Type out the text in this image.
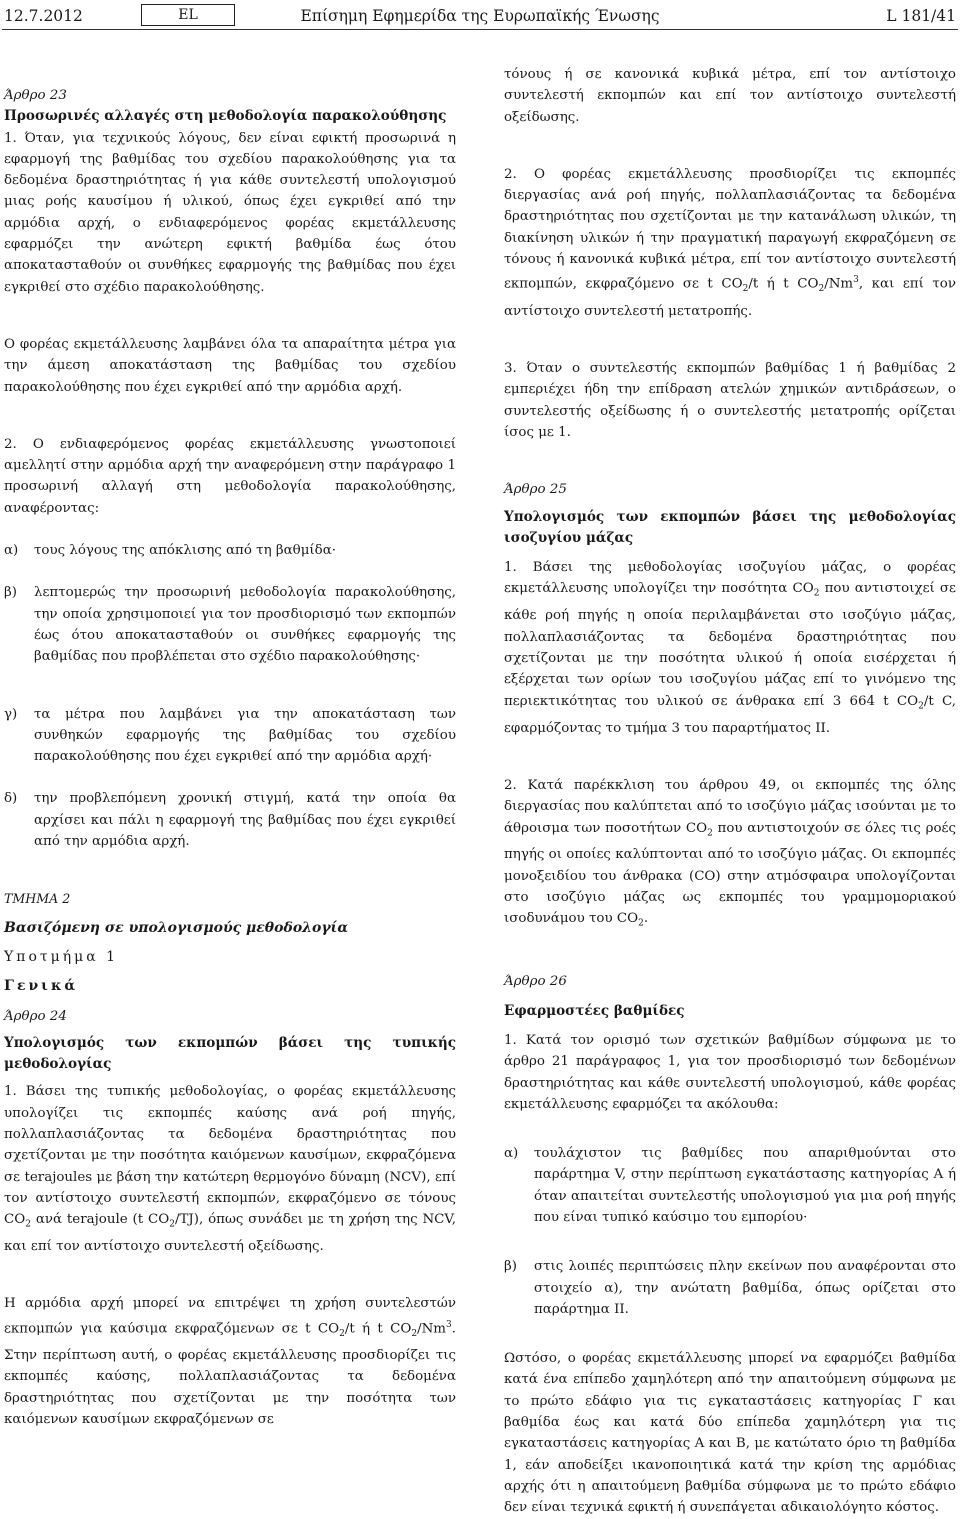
12.7.2012	EL	Επίσημη Εφημερίδα της Ευρωπαϊκής Ένωσης	L 181/41

Άρθρο 23

Προσωρινές αλλαγές στη μεθοδολογία παρακολούθησης

1. Όταν, για τεχνικούς λόγους, δεν είναι εφικτή προσωρινά η εφαρμογή της βαθμίδας του σχεδίου παρακολούθησης για τα δεδομένα δραστηριότητας ή για κάθε συντελεστή υπολογισμού μιας ροής καυσίμου ή υλικού, όπως έχει εγκριθεί από την αρμόδια αρχή, ο ενδιαφερόμενος φορέας εκμετάλλευσης εφαρμόζει την ανώτερη εφικτή βαθμίδα έως ότου αποκατασταθούν οι συνθήκες εφαρμογής της βαθμίδας που έχει εγκριθεί στο σχέδιο παρακολούθησης.

Ο φορέας εκμετάλλευσης λαμβάνει όλα τα απαραίτητα μέτρα για την άμεση αποκατάσταση της βαθμίδας του σχεδίου παρακολούθησης που έχει εγκριθεί από την αρμόδια αρχή.

2. Ο ενδιαφερόμενος φορέας εκμετάλλευσης γνωστοποιεί αμελλητί στην αρμόδια αρχή την αναφερόμενη στην παράγραφο 1 προσωρινή αλλαγή στη μεθοδολογία παρακολούθησης, αναφέροντας:

α)	τους λόγους της απόκλισης από τη βαθμίδα·
β)	λεπτομερώς την προσωρινή μεθοδολογία παρακολούθησης, την οποία χρησιμοποιεί για τον προσδιορισμό των εκπομπών έως ότου αποκατασταθούν οι συνθήκες εφαρμογής της βαθμίδας που προβλέπεται στο σχέδιο παρακολούθησης·
γ)	τα μέτρα που λαμβάνει για την αποκατάσταση των συνθηκών εφαρμογής της βαθμίδας του σχεδίου παρακολούθησης που έχει εγκριθεί από την αρμόδια αρχή·
δ)	την προβλεπόμενη χρονική στιγμή, κατά την οποία θα αρχίσει και πάλι η εφαρμογή της βαθμίδας που έχει εγκριθεί από την αρμόδια αρχή.

ΤΜΗΜΑ 2

Βασιζόμενη σε υπολογισμούς μεθοδολογία

Υποτμήμα 1

Γενικά

Άρθρο 24

Υπολογισμός των εκπομπών βάσει της τυπικής μεθοδολογίας

1. Βάσει της τυπικής μεθοδολογίας, ο φορέας εκμετάλλευσης υπολογίζει τις εκπομπές καύσης ανά ροή πηγής, πολλαπλασιάζοντας τα δεδομένα δραστηριότητας που σχετίζονται με την ποσότητα καιόμενων καυσίμων, εκφραζόμενα σε terajoules με βάση την κατώτερη θερμογόνο δύναμη (NCV), επί τον αντίστοιχο συντελεστή εκπομπών, εκφραζόμενο σε τόνους $CO_2$ ανά terajoule (t $CO_2/TJ$), όπως συνάδει με τη χρήση της NCV, και επί τον αντίστοιχο συντελεστή οξείδωσης.

Η αρμόδια αρχή μπορεί να επιτρέψει τη χρήση συντελεστών εκπομπών για καύσιμα εκφραζόμενων σε t $CO_2/t$ ή t $CO_2/Nm^3$. Στην περίπτωση αυτή, ο φορέας εκμετάλλευσης προσδιορίζει τις εκπομπές καύσης, πολλαπλασιάζοντας τα δεδομένα δραστηριότητας που σχετίζονται με την ποσότητα των καιόμενων καυσίμων εκφραζόμενων σε

τόνους ή σε κανονικά κυβικά μέτρα, επί τον αντίστοιχο συντελεστή εκπομπών και επί τον αντίστοιχο συντελεστή οξείδωσης.

2. Ο φορέας εκμετάλλευσης προσδιορίζει τις εκπομπές διεργασίας ανά ροή πηγής, πολλαπλασιάζοντας τα δεδομένα δραστηριότητας που σχετίζονται με την κατανάλωση υλικών, τη διακίνηση υλικών ή την πραγματική παραγωγή εκφραζόμενη σε τόνους ή κανονικά κυβικά μέτρα, επί τον αντίστοιχο συντελεστή εκπομπών, εκφραζόμενο σε t $CO_2/t$ ή t $CO_2/Nm^3$, και επί τον αντίστοιχο συντελεστή μετατροπής.

3. Όταν ο συντελεστής εκπομπών βαθμίδας 1 ή βαθμίδας 2 εμπεριέχει ήδη την επίδραση ατελών χημικών αντιδράσεων, ο συντελεστής οξείδωσης ή ο συντελεστής μετατροπής ορίζεται ίσος με 1.

Άρθρο 25

Υπολογισμός των εκπομπών βάσει της μεθοδολογίας ισοζυγίου μάζας

1. Βάσει της μεθοδολογίας ισοζυγίου μάζας, ο φορέας εκμετάλλευσης υπολογίζει την ποσότητα $CO_2$ που αντιστοιχεί σε κάθε ροή πηγής η οποία περιλαμβάνεται στο ισοζύγιο μάζας, πολλαπλασιάζοντας τα δεδομένα δραστηριότητας που σχετίζονται με την ποσότητα υλικού ή οποία εισέρχεται ή εξέρχεται των ορίων του ισοζυγίου μάζας επί το γινόμενο της περιεκτικότητας του υλικού σε άνθρακα επί 3 664 t $CO_2/t$ C, εφαρμόζοντας το τμήμα 3 του παραρτήματος II.

2. Κατά παρέκκλιση του άρθρου 49, οι εκπομπές της όλης διεργασίας που καλύπτεται από το ισοζύγιο μάζας ισούνται με το άθροισμα των ποσοτήτων $CO_2$ που αντιστοιχούν σε όλες τις ροές πηγής οι οποίες καλύπτονται από το ισοζύγιο μάζας. Οι εκπομπές μονοξειδίου του άνθρακα (CO) στην ατμόσφαιρα υπολογίζονται στο ισοζύγιο μάζας ως εκπομπές του γραμμομοριακού ισοδυνάμου του $CO_2$.

Άρθρο 26

Εφαρμοστέες βαθμίδες

1. Κατά τον ορισμό των σχετικών βαθμίδων σύμφωνα με το άρθρο 21 παράγραφος 1, για τον προσδιορισμό των δεδομένων δραστηριότητας και κάθε συντελεστή υπολογισμού, κάθε φορέας εκμετάλλευσης εφαρμόζει τα ακόλουθα:

α)	τουλάχιστον τις βαθμίδες που απαριθμούνται στο παράρτημα V, στην περίπτωση εγκατάστασης κατηγορίας A ή όταν απαιτείται συντελεστής υπολογισμού για μια ροή πηγής που είναι τυπικό καύσιμο του εμπορίου·
β)	στις λοιπές περιπτώσεις πλην εκείνων που αναφέρονται στο στοιχείο α), την ανώτατη βαθμίδα, όπως ορίζεται στο παράρτημα II.

Ωστόσο, ο φορέας εκμετάλλευσης μπορεί να εφαρμόζει βαθμίδα κατά ένα επίπεδο χαμηλότερη από την απαιτούμενη σύμφωνα με το πρώτο εδάφιο για τις εγκαταστάσεις κατηγορίας Γ και βαθμίδα έως και κατά δύο επίπεδα χαμηλότερη για τις εγκαταστάσεις κατηγορίας A και B, με κατώτατο όριο τη βαθμίδα 1, εάν αποδείξει ικανοποιητικά κατά την κρίση της αρμόδιας αρχής ότι η απαιτούμενη βαθμίδα σύμφωνα με το πρώτο εδάφιο δεν είναι τεχνικά εφικτή ή συνεπάγεται αδικαιολόγητο κόστος.
